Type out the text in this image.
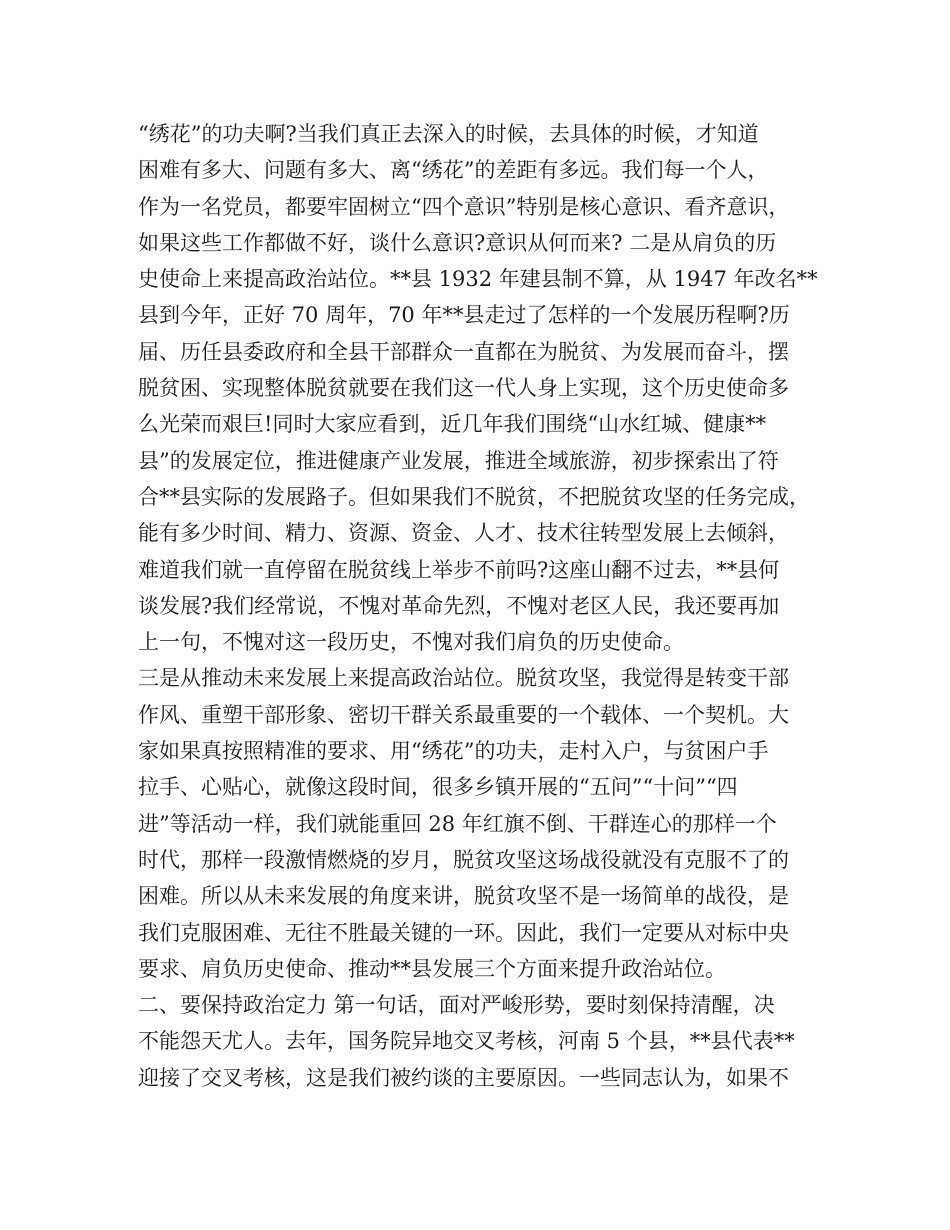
“绣花”的功夫啊?当我们真正去深入的时候，去具体的时候，才知道
困难有多大、问题有多大、离“绣花”的差距有多远。我们每一个人，
作为一名党员，都要牢固树立“四个意识”特别是核心意识、看齐意识，
如果这些工作都做不好，谈什么意识?意识从何而来? 二是从肩负的历
史使命上来提高政治站位。**县 1932 年建县制不算，从 1947 年改名**
县到今年，正好 70 周年，70 年**县走过了怎样的一个发展历程啊?历
届、历任县委政府和全县干部群众一直都在为脱贫、为发展而奋斗，摆
脱贫困、实现整体脱贫就要在我们这一代人身上实现，这个历史使命多
么光荣而艰巨!同时大家应看到，近几年我们围绕“山水红城、健康**
县”的发展定位，推进健康产业发展，推进全域旅游，初步探索出了符
合**县实际的发展路子。但如果我们不脱贫，不把脱贫攻坚的任务完成，
能有多少时间、精力、资源、资金、人才、技术往转型发展上去倾斜，
难道我们就一直停留在脱贫线上举步不前吗?这座山翻不过去，**县何
谈发展?我们经常说，不愧对革命先烈，不愧对老区人民，我还要再加
上一句，不愧对这一段历史，不愧对我们肩负的历史使命。
三是从推动未来发展上来提高政治站位。脱贫攻坚，我觉得是转变干部
作风、重塑干部形象、密切干群关系最重要的一个载体、一个契机。大
家如果真按照精准的要求、用“绣花”的功夫，走村入户，与贫困户手
拉手、心贴心，就像这段时间，很多乡镇开展的“五问”“十问”“四
进”等活动一样，我们就能重回 28 年红旗不倒、干群连心的那样一个
时代，那样一段激情燃烧的岁月，脱贫攻坚这场战役就没有克服不了的
困难。所以从未来发展的角度来讲，脱贫攻坚不是一场简单的战役，是
我们克服困难、无往不胜最关键的一环。因此，我们一定要从对标中央
要求、肩负历史使命、推动**县发展三个方面来提升政治站位。
二、要保持政治定力 第一句话，面对严峻形势，要时刻保持清醒，决
不能怨天尤人。去年，国务院异地交叉考核，河南 5 个县，**县代表**
迎接了交叉考核，这是我们被约谈的主要原因。一些同志认为，如果不
